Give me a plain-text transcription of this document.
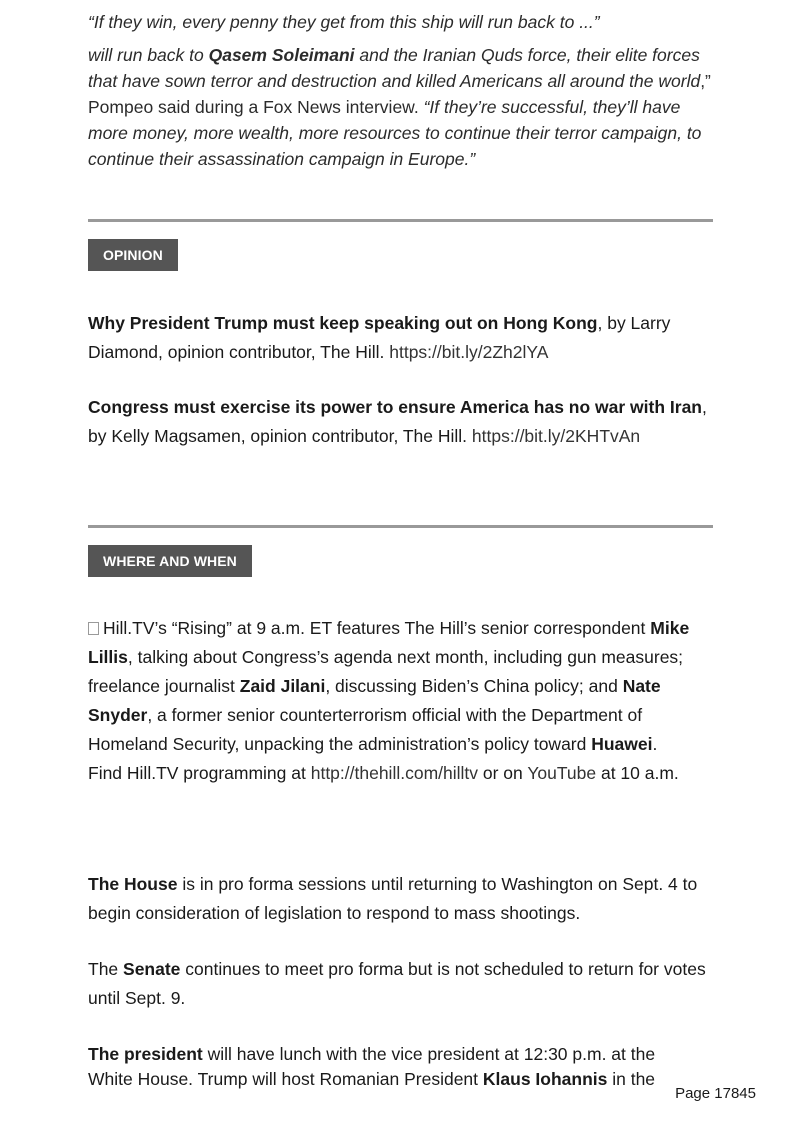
“If they win, every penny they get from this ship will run back to ...”
will run back to Qasem Soleimani and the Iranian Quds force, their elite forces that have sown terror and destruction and killed Americans all around the world,” Pompeo said during a Fox News interview. “If they’re successful, they’ll have more money, more wealth, more resources to continue their terror campaign, to continue their assassination campaign in Europe.”
OPINION
Why President Trump must keep speaking out on Hong Kong, by Larry Diamond, opinion contributor, The Hill. https://bit.ly/2Zh2lYA
Congress must exercise its power to ensure America has no war with Iran, by Kelly Magsamen, opinion contributor, The Hill. https://bit.ly/2KHTvAn
WHERE AND WHEN
Hill.TV’s “Rising” at 9 a.m. ET features The Hill’s senior correspondent Mike Lillis, talking about Congress’s agenda next month, including gun measures; freelance journalist Zaid Jilani, discussing Biden’s China policy; and Nate Snyder, a former senior counterterrorism official with the Department of Homeland Security, unpacking the administration’s policy toward Huawei.
Find Hill.TV programming at http://thehill.com/hilltv or on YouTube at 10 a.m.
The House is in pro forma sessions until returning to Washington on Sept. 4 to begin consideration of legislation to respond to mass shootings.
The Senate continues to meet pro forma but is not scheduled to return for votes until Sept. 9.
The president will have lunch with the vice president at 12:30 p.m. at the
White House. Trump will host Romanian President Klaus Iohannis in the
Page 17845
